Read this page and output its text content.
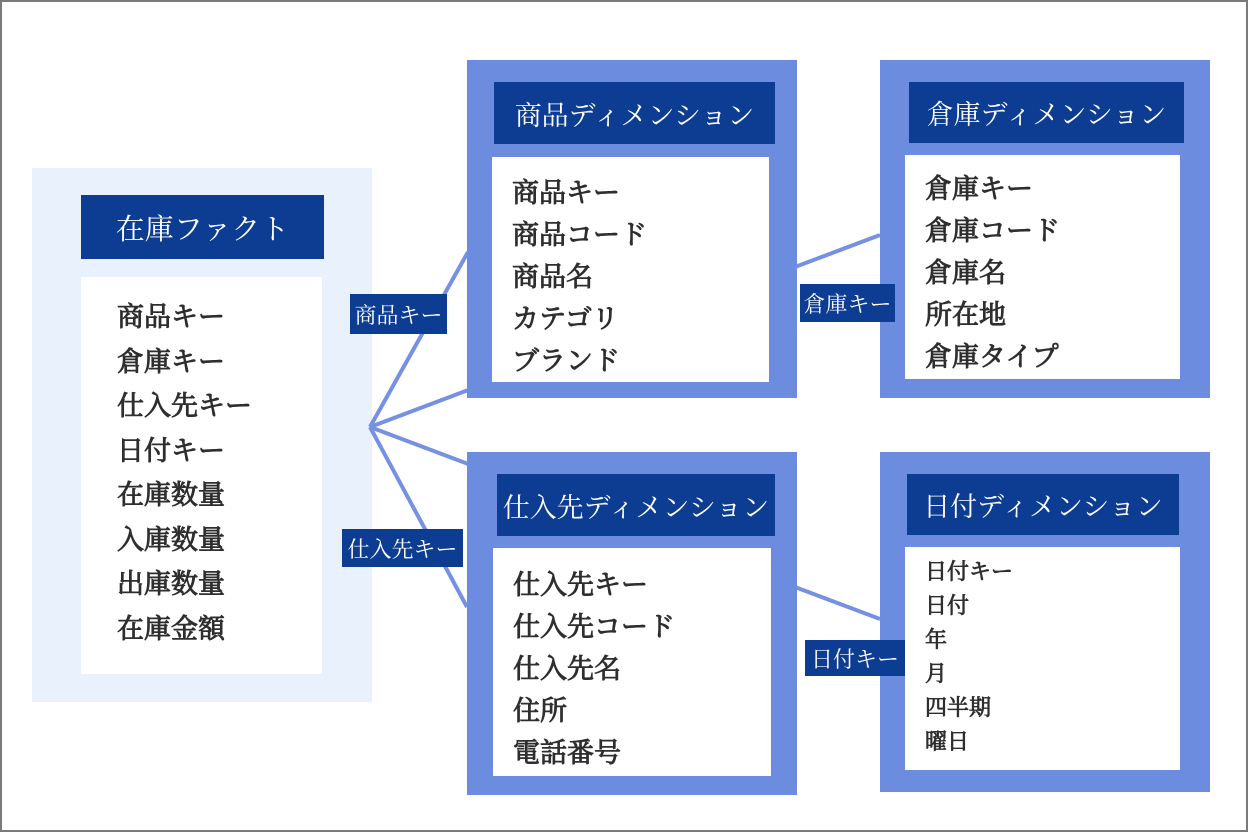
在庫ファクト
商品キー
倉庫キー
仕入先キー
日付キー
在庫数量
入庫数量
出庫数量
在庫金額
商品ディメンション
商品キー
商品コード
商品名
カテゴリ
ブランド
倉庫ディメンション
倉庫キー
倉庫コード
倉庫名
所在地
倉庫タイプ
仕入先ディメンション
仕入先キー
仕入先コード
仕入先名
住所
電話番号
日付ディメンション
日付キー
日付
年
月
四半期
曜日
商品キー	倉庫キー
仕入先キー
日付キー
